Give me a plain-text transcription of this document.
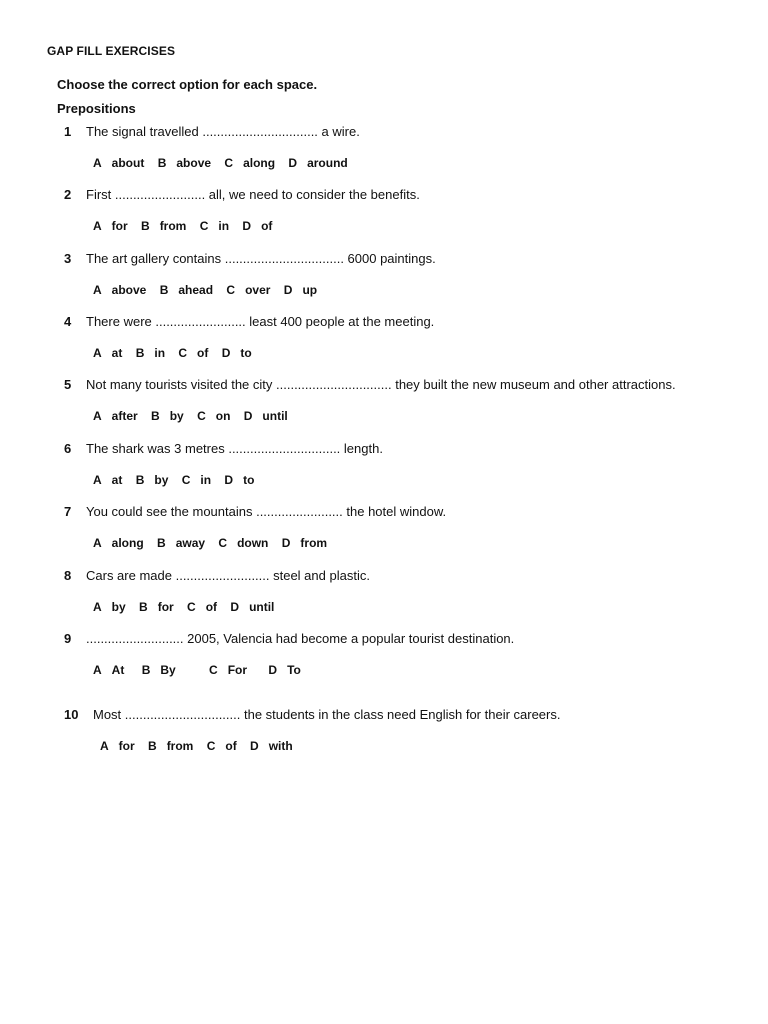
GAP FILL EXERCISES
Choose the correct option for each space.
Prepositions
1 The signal travelled ................................ a wire.
A about B above C along D around
2 First ......................... all, we need to consider the benefits.
A for B from C in D of
3 The art gallery contains ................................. 6000 paintings.
A above B ahead C over D up
4 There were ......................... least 400 people at the meeting.
A at B in C of D to
5 Not many tourists visited the city ................................ they built the new museum and other attractions.
A after B by C on D until
6 The shark was 3 metres ............................... length.
A at B by C in D to
7 You could see the mountains ........................ the hotel window.
A along B away C down D from
8 Cars are made .......................... steel and plastic.
A by B for C of D until
9 ........................... 2005, Valencia had become a popular tourist destination.
A At B By	C For D To
10 Most ................................ the students in the class need English for their careers.
A for B from C of D with
